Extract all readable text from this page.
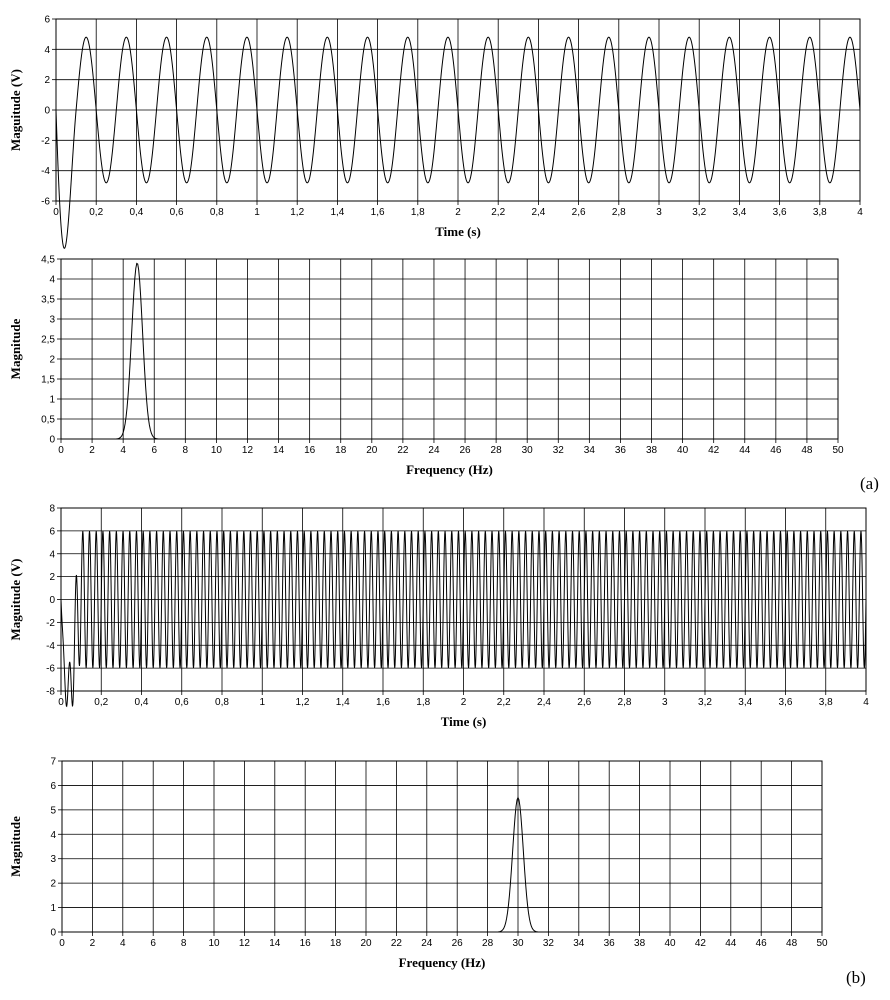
0	0,2	0,4	0,6	0,8	1	1,2	1,4	1,6	1,8	2	2,2	2,4	2,6	2,8	3	3,2	3,4	3,6	3,8	4
-6
-4
-2
0
2
4
6
Time (s)
Maguitude (V)
0	2	4	6	8 10 12 14 16 18 20 22 24 26 28 30 32 34 36 38 40 42 44 46 48 50
0
0,5
1
1,5
2
2,5
3
3,5
4
4,5
Frequency (Hz)
Magnitude
0	0,2	0,4	0,6	0,8	1	1,2	1,4	1,6	1,8	2	2,2	2,4	2,6	2,8	3	3,2	3,4	3,6	3,8	4
-8
-6
-4
-2
0
2
4
6
8
Time (s)
Maguitude (V)
0 2 4 6 8 10 12 14 16 18 20 22 24 26 28 30 32 34 36 38 40 42 44 46 48 50
0
1
2
3
4
5
6
7
Frequency (Hz)
Magnitude
(a)
(b)
